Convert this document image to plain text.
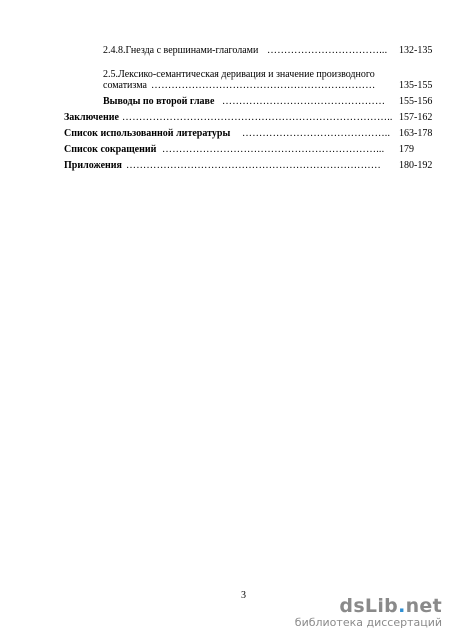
2.4.8.Гнезда с вершинами-глаголами ……………………………...	132-135
2.5.Лексико-семантическая деривация и значение производного
соматизма …………………………………………………………	135-155
Выводы по второй главе …………………………………………	155-156
Заключение …………………………………………………………………….. 157-162
Список использованной литературы …………………………………….. 163-178
Список сокращений ………………………………………………………...	179
Приложения …………………………………………………………………	180-192
3	dsLib.net
библиотека диссертаций
